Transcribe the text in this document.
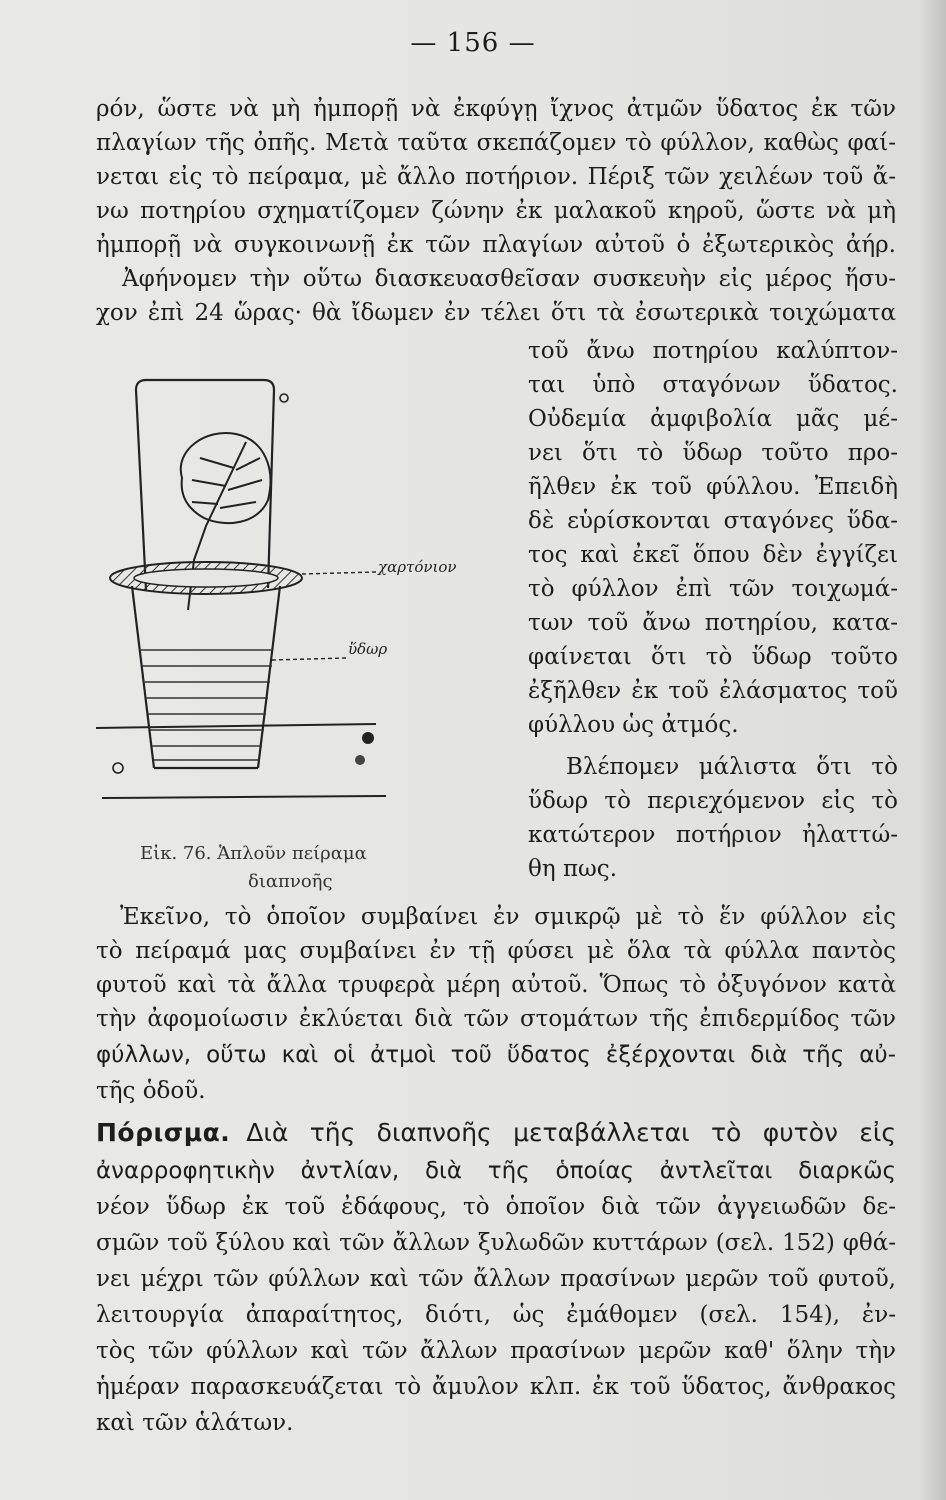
— 156 —
ρόν, ὥστε νὰ μὴ ἠμπορῇ νὰ ἐκφύγῃ ἴχνος ἀτμῶν ὕδατος ἐκ τῶν
πλαγίων τῆς ὀπῆς. Μετὰ ταῦτα σκεπάζομεν τὸ φύλλον, καθὼς φαί-
νεται εἰς τὸ πείραμα, μὲ ἄλλο ποτήριον. Πέριξ τῶν χειλέων τοῦ ἄ-
νω ποτηρίου σχηματίζομεν ζώνην ἐκ μαλακοῦ κηροῦ, ὥστε νὰ μὴ
ἠμπορῇ νὰ συγκοινωνῇ ἐκ τῶν πλαγίων αὐτοῦ ὁ ἐξωτερικὸς ἀήρ.
Ἀφήνομεν τὴν οὕτω διασκευασθεῖσαν συσκευὴν εἰς μέρος ἥσυ-
χον ἐπὶ 24 ὥρας· θὰ ἴδωμεν ἐν τέλει ὅτι τὰ ἐσωτερικὰ τοιχώματα
τοῦ ἄνω ποτηρίου καλύπτον-
ται ὑπὸ σταγόνων ὕδατος.
Οὐδεμία ἀμφιβολία μᾶς μέ-
νει ὅτι τὸ ὕδωρ τοῦτο προ-
ῆλθεν ἐκ τοῦ φύλλου. Ἐπειδὴ
δὲ εὑρίσκονται σταγόνες ὕδα-
τος καὶ ἐκεῖ ὅπου δὲν ἐγγίζει
τὸ φύλλον ἐπὶ τῶν τοιχωμά-
των τοῦ ἄνω ποτηρίου, κατα-
φαίνεται ὅτι τὸ ὕδωρ τοῦτο
ἐξῆλθεν ἐκ τοῦ ἐλάσματος τοῦ
φύλλου ὡς ἀτμός.
Βλέπομεν μάλιστα ὅτι τὸ
ὕδωρ τὸ περιεχόμενον εἰς τὸ
κατώτερον ποτήριον ἠλαττώ-
θη πως.
χαρτόνιον
ὕδωρ
Εἰκ. 76. Ἁπλοῦν πείραμα
διαπνοῆς
Ἐκεῖνο, τὸ ὁποῖον συμβαίνει ἐν σμικρῷ μὲ τὸ ἕν φύλλον εἰς
τὸ πείραμά μας συμβαίνει ἐν τῇ φύσει μὲ ὅλα τὰ φύλλα παντὸς
φυτοῦ καὶ τὰ ἄλλα τρυφερὰ μέρη αὐτοῦ. Ὅπως τὸ ὀξυγόνον κατὰ
τὴν ἀφομοίωσιν ἐκλύεται διὰ τῶν στομάτων τῆς ἐπιδερμίδος τῶν
φύλλων, οὕτω καὶ οἱ ἀτμοὶ τοῦ ὕδατος ἐξέρχονται διὰ τῆς αὐ-
τῆς ὁδοῦ.
Πόρισμα. Διὰ τῆς διαπνοῆς μεταβάλλεται τὸ φυτὸν εἰς
ἀναρροφητικὴν ἀντλίαν, διὰ τῆς ὁποίας ἀντλεῖται διαρκῶς
νέον ὕδωρ ἐκ τοῦ ἐδάφους, τὸ ὁποῖον διὰ τῶν ἀγγειωδῶν δε-
σμῶν τοῦ ξύλου καὶ τῶν ἄλλων ξυλωδῶν κυττάρων (σελ. 152) φθά-
νει μέχρι τῶν φύλλων καὶ τῶν ἄλλων πρασίνων μερῶν τοῦ φυτοῦ,
λειτουργία ἀπαραίτητος, διότι, ὡς ἐμάθομεν (σελ. 154), ἐν-
τὸς τῶν φύλλων καὶ τῶν ἄλλων πρασίνων μερῶν καθ' ὅλην τὴν
ἡμέραν παρασκευάζεται τὸ ἄμυλον κλπ. ἐκ τοῦ ὕδατος, ἄνθρακος
καὶ τῶν ἁλάτων.
